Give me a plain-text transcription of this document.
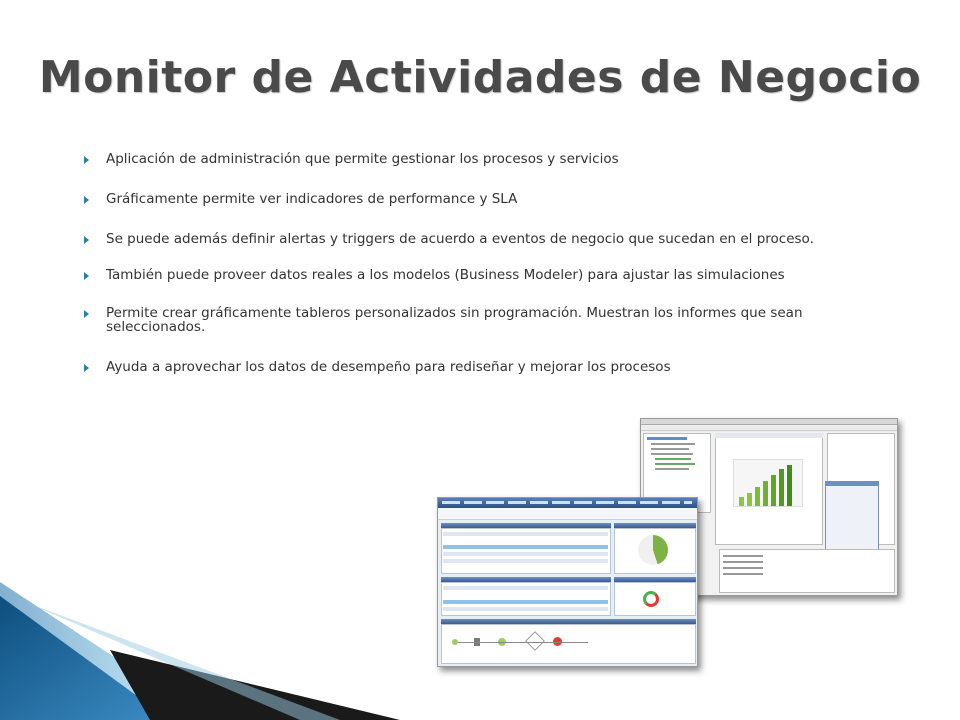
Monitor de Actividades de Negocio
Aplicación de administración que permite gestionar los procesos y servicios
Gráficamente permite ver indicadores de performance y SLA
Se puede además definir alertas y triggers de acuerdo a eventos de negocio que sucedan en el proceso.
También puede proveer datos reales a los modelos (Business Modeler) para ajustar las simulaciones
Permite crear gráficamente tableros personalizados sin programación. Muestran los informes que sean seleccionados.
Ayuda a aprovechar los datos de desempeño para rediseñar y mejorar los procesos
